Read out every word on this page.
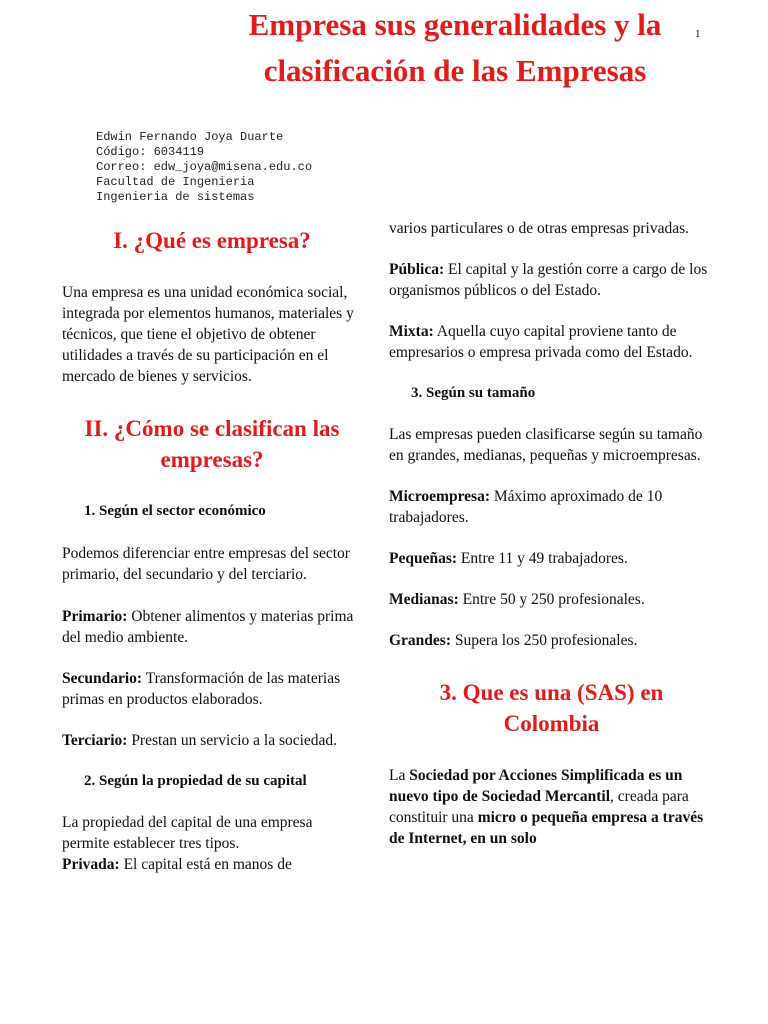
Empresa sus generalidades y la
clasificación de las Empresas
1
Edwin Fernando Joya Duarte
Código: 6034119
Correo: edw_joya@misena.edu.co
Facultad de Ingenieria
Ingenieria de sistemas

I. ¿Qué es empresa?

Una empresa es una unidad económica social, integrada por elementos humanos, materiales y técnicos, que tiene el objetivo de obtener utilidades a través de su participación en el mercado de bienes y servicios.

II. ¿Cómo se clasifican las empresas?

1. Según el sector económico

Podemos diferenciar entre empresas del sector primario, del secundario y del terciario.

Primario: Obtener alimentos y materias prima del medio ambiente.

Secundario: Transformación de las materias primas en productos elaborados.

Terciario: Prestan un servicio a la sociedad.

2. Según la propiedad de su capital

La propiedad del capital de una empresa permite establecer tres tipos.

Privada: El capital está en manos de

varios particulares o de otras empresas privadas.

Pública: El capital y la gestión corre a cargo de los organismos públicos o del Estado.

Mixta: Aquella cuyo capital proviene tanto de empresarios o empresa privada como del Estado.

3. Según su tamaño

Las empresas pueden clasificarse según su tamaño en grandes, medianas, pequeñas y microempresas.

Microempresa: Máximo aproximado de 10 trabajadores.

Pequeñas: Entre 11 y 49 trabajadores.

Medianas: Entre 50 y 250 profesionales.

Grandes: Supera los 250 profesionales.

3. Que es una (SAS) en Colombia

La Sociedad por Acciones Simplificada es un nuevo tipo de Sociedad Mercantil, creada para constituir una micro o pequeña empresa a través de Internet, en un solo
